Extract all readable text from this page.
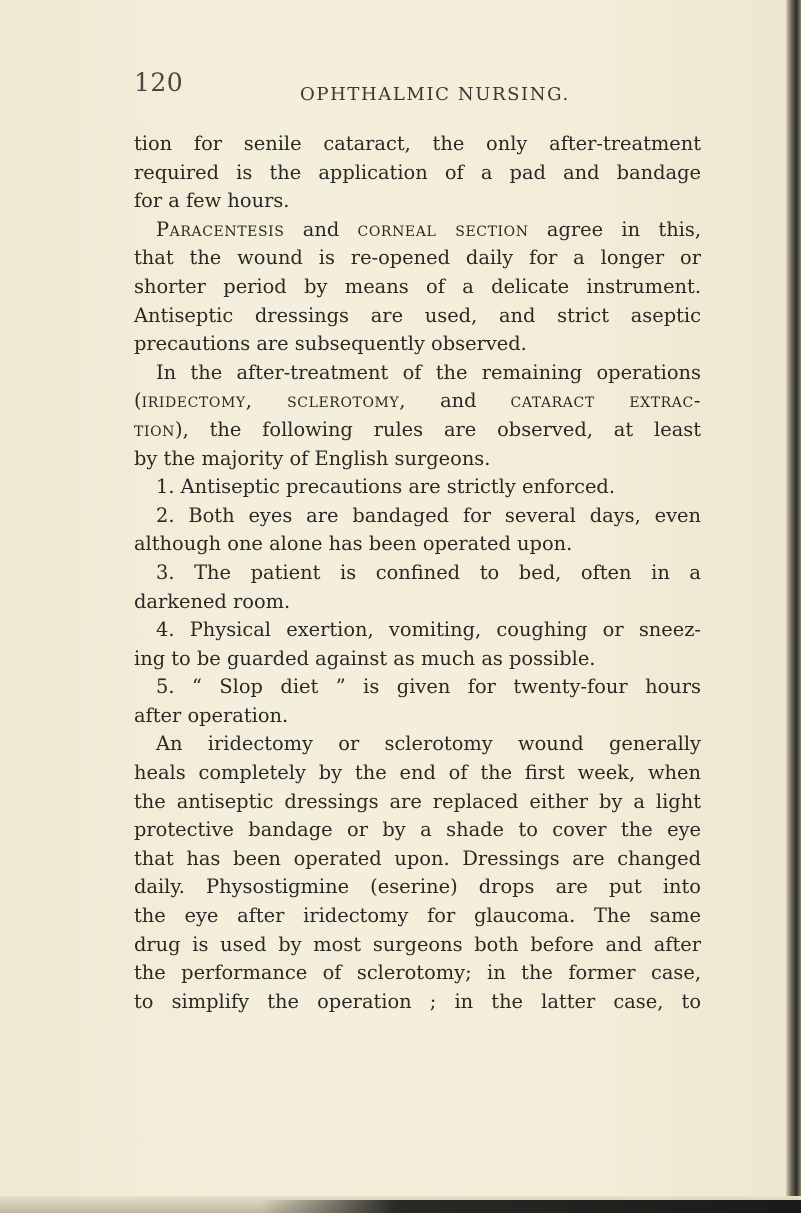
120	OPHTHALMIC NURSING.
tion for senile cataract, the only after-treatment
required is the application of a pad and bandage
for a few hours.
Paracentesis and corneal section agree in this,
that the wound is re-opened daily for a longer or
shorter period by means of a delicate instrument.
Antiseptic dressings are used, and strict aseptic
precautions are subsequently observed.
In the after-treatment of the remaining operations
(iridectomy, sclerotomy, and cataract extrac-
tion), the following rules are observed, at least
by the majority of English surgeons.
1. Antiseptic precautions are strictly enforced.
2. Both eyes are bandaged for several days, even
although one alone has been operated upon.
3. The patient is confined to bed, often in a
darkened room.
4. Physical exertion, vomiting, coughing or sneez-
ing to be guarded against as much as possible.
5. “ Slop diet ” is given for twenty-four hours
after operation.
An iridectomy or sclerotomy wound generally
heals completely by the end of the first week, when
the antiseptic dressings are replaced either by a light
protective bandage or by a shade to cover the eye
that has been operated upon. Dressings are changed
daily. Physostigmine (eserine) drops are put into
the eye after iridectomy for glaucoma. The same
drug is used by most surgeons both before and after
the performance of sclerotomy; in the former case,
to simplify the operation ; in the latter case, to
